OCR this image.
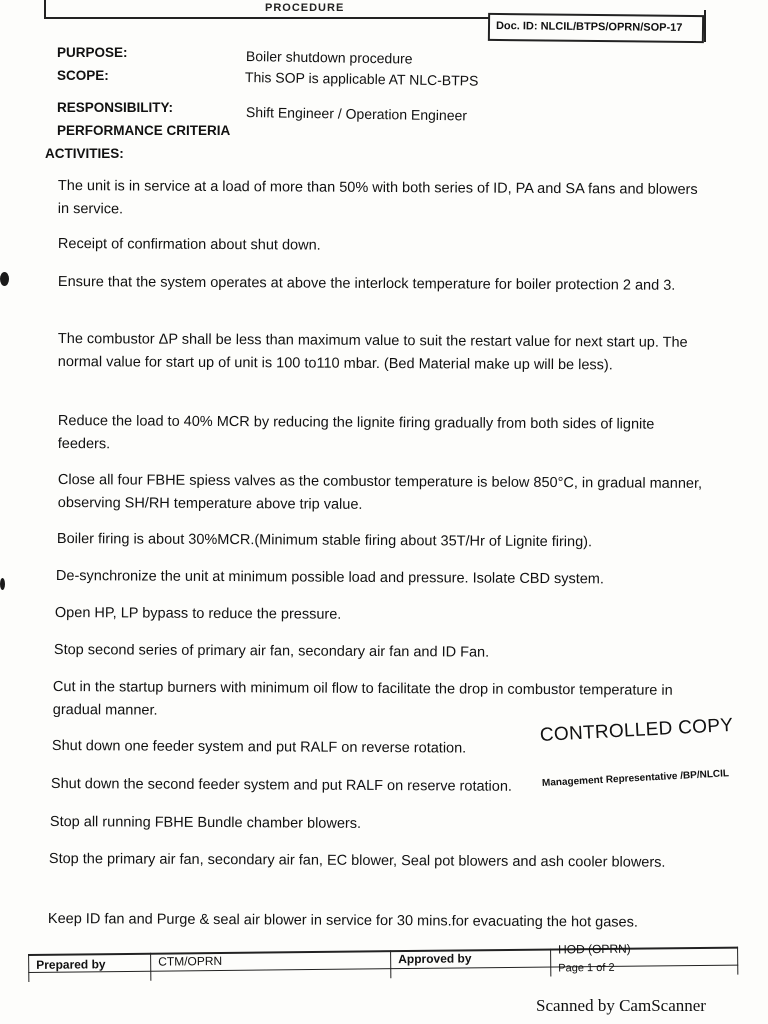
PROCEDURE
Doc. ID: NLCIL/BTPS/OPRN/SOP-17
PURPOSE:	Boiler shutdown procedure
SCOPE:	This SOP is applicable AT NLC-BTPS
RESPONSIBILITY:	Shift Engineer / Operation Engineer
PERFORMANCE CRITERIA
ACTIVITIES:

The unit is in service at a load of more than 50% with both series of ID, PA and SA fans and blowers in service.

Receipt of confirmation about shut down.

Ensure that the system operates at above the interlock temperature for boiler protection 2 and 3.

The combustor ΔP shall be less than maximum value to suit the restart value for next start up. The normal value for start up of unit is 100 to110 mbar. (Bed Material make up will be less).

Reduce the load to 40% MCR by reducing the lignite firing gradually from both sides of lignite feeders.

Close all four FBHE spiess valves as the combustor temperature is below 850°C, in gradual manner, observing SH/RH temperature above trip value.

Boiler firing is about 30%MCR.(Minimum stable firing about 35T/Hr of Lignite firing).

De-synchronize the unit at minimum possible load and pressure. Isolate CBD system.

Open HP, LP bypass to reduce the pressure.

Stop second series of primary air fan, secondary air fan and ID Fan.

Cut in the startup burners with minimum oil flow to facilitate the drop in combustor temperature in gradual manner.

Shut down one feeder system and put RALF on reverse rotation.

Shut down the second feeder system and put RALF on reserve rotation.

Stop all running FBHE Bundle chamber blowers.

Stop the primary air fan, secondary air fan, EC blower, Seal pot blowers and ash cooler blowers.

Keep ID fan and Purge & seal air blower in service for 30 mins.for evacuating the hot gases.

CONTROLLED COPY
Management Representative /BP/NLCIL
Prepared by	CTM/OPRN	Approved by
HOD (OPRN)
Page 1 of 2
Scanned by CamScanner
